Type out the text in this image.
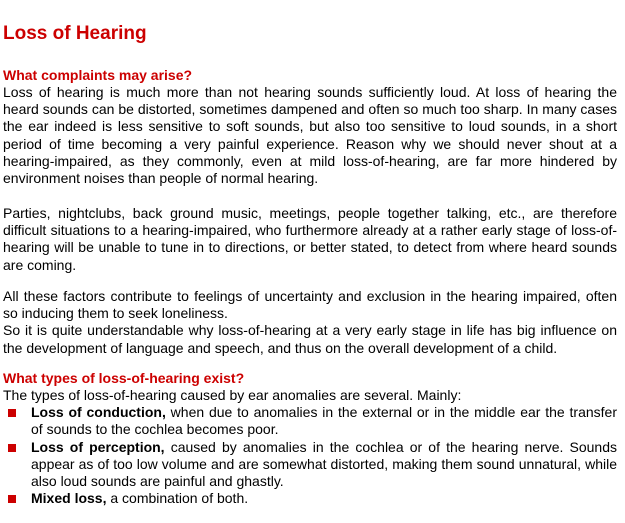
Loss of Hearing
What complaints may arise?

Loss of hearing is much more than not hearing sounds sufficiently loud. At loss of hearing the heard sounds can be distorted, sometimes dampened and often so much too sharp. In many cases the ear indeed is less sensitive to soft sounds, but also too sensitive to loud sounds, in a short period of time becoming a very painful experience. Reason why we should never shout at a hearing-impaired, as they commonly, even at mild loss-of-hearing, are far more hindered by environment noises than people of normal hearing.

Parties, nightclubs, back ground music, meetings, people together talking, etc., are therefore difficult situations to a hearing-impaired, who furthermore already at a rather early stage of loss-of-hearing will be unable to tune in to directions, or better stated, to detect from where heard sounds are coming.

All these factors contribute to feelings of uncertainty and exclusion in the hearing impaired, often so inducing them to seek loneliness.

So it is quite understandable why loss-of-hearing at a very early stage in life has big influence on the development of language and speech, and thus on the overall development of a child.

What types of loss-of-hearing exist?

The types of loss-of-hearing caused by ear anomalies are several. Mainly:

Loss of conduction, when due to anomalies in the external or in the middle ear the transfer of sounds to the cochlea becomes poor.
Loss of perception, caused by anomalies in the cochlea or of the hearing nerve. Sounds appear as of too low volume and are somewhat distorted, making them sound unnatural, while also loud sounds are painful and ghastly.
Mixed loss, a combination of both.
